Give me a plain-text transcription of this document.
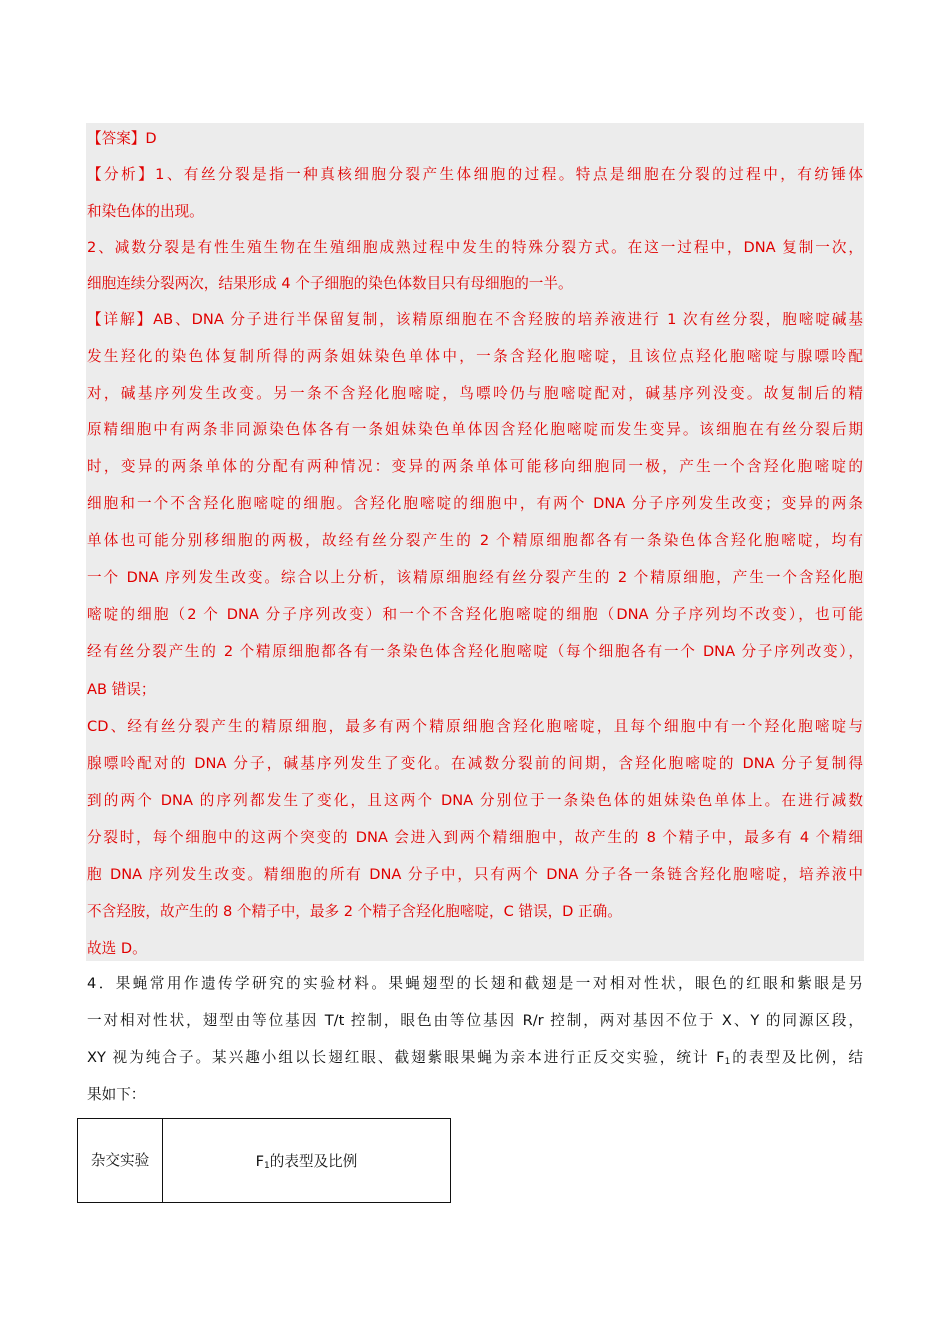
【答案】D
【分析】1、有丝分裂是指一种真核细胞分裂产生体细胞的过程。特点是细胞在分裂的过程中，有纺锤体
和染色体的出现。
2、减数分裂是有性生殖生物在生殖细胞成熟过程中发生的特殊分裂方式。在这一过程中，DNA 复制一次，
细胞连续分裂两次，结果形成 4 个子细胞的染色体数目只有母细胞的一半。
【详解】AB、DNA 分子进行半保留复制，该精原细胞在不含羟胺的培养液进行 1 次有丝分裂，胞嘧啶碱基
发生羟化的染色体复制所得的两条姐妹染色单体中，一条含羟化胞嘧啶，且该位点羟化胞嘧啶与腺嘌呤配
对，碱基序列发生改变。另一条不含羟化胞嘧啶，鸟嘌呤仍与胞嘧啶配对，碱基序列没变。故复制后的精
原精细胞中有两条非同源染色体各有一条姐妹染色单体因含羟化胞嘧啶而发生变异。该细胞在有丝分裂后期
时，变异的两条单体的分配有两种情况：变异的两条单体可能移向细胞同一极，产生一个含羟化胞嘧啶的
细胞和一个不含羟化胞嘧啶的细胞。含羟化胞嘧啶的细胞中，有两个 DNA 分子序列发生改变；变异的两条
单体也可能分别移细胞的两极，故经有丝分裂产生的 2 个精原细胞都各有一条染色体含羟化胞嘧啶，均有
一个 DNA 序列发生改变。综合以上分析，该精原细胞经有丝分裂产生的 2 个精原细胞，产生一个含羟化胞
嘧啶的细胞（2 个 DNA 分子序列改变）和一个不含羟化胞嘧啶的细胞（DNA 分子序列均不改变），也可能
经有丝分裂产生的 2 个精原细胞都各有一条染色体含羟化胞嘧啶（每个细胞各有一个 DNA 分子序列改变），
AB 错误；
CD、经有丝分裂产生的精原细胞，最多有两个精原细胞含羟化胞嘧啶，且每个细胞中有一个羟化胞嘧啶与
腺嘌呤配对的 DNA 分子，碱基序列发生了变化。在减数分裂前的间期，含羟化胞嘧啶的 DNA 分子复制得
到的两个 DNA 的序列都发生了变化，且这两个 DNA 分别位于一条染色体的姐妹染色单体上。在进行减数
分裂时，每个细胞中的这两个突变的 DNA 会进入到两个精细胞中，故产生的 8 个精子中，最多有 4 个精细
胞 DNA 序列发生改变。精细胞的所有 DNA 分子中，只有两个 DNA 分子各一条链含羟化胞嘧啶，培养液中
不含羟胺，故产生的 8 个精子中，最多 2 个精子含羟化胞嘧啶，C 错误，D 正确。
故选 D。
4．果蝇常用作遗传学研究的实验材料。果蝇翅型的长翅和截翅是一对相对性状，眼色的红眼和紫眼是另
一对相对性状，翅型由等位基因 T/t 控制，眼色由等位基因 R/r 控制，两对基因不位于 X、Y 的同源区段，
XY 视为纯合子。某兴趣小组以长翅红眼、截翅紫眼果蝇为亲本进行正反交实验，统计 $F_1$的表型及比例，结
果如下：
杂交实验	$F_1$的表型及比例
